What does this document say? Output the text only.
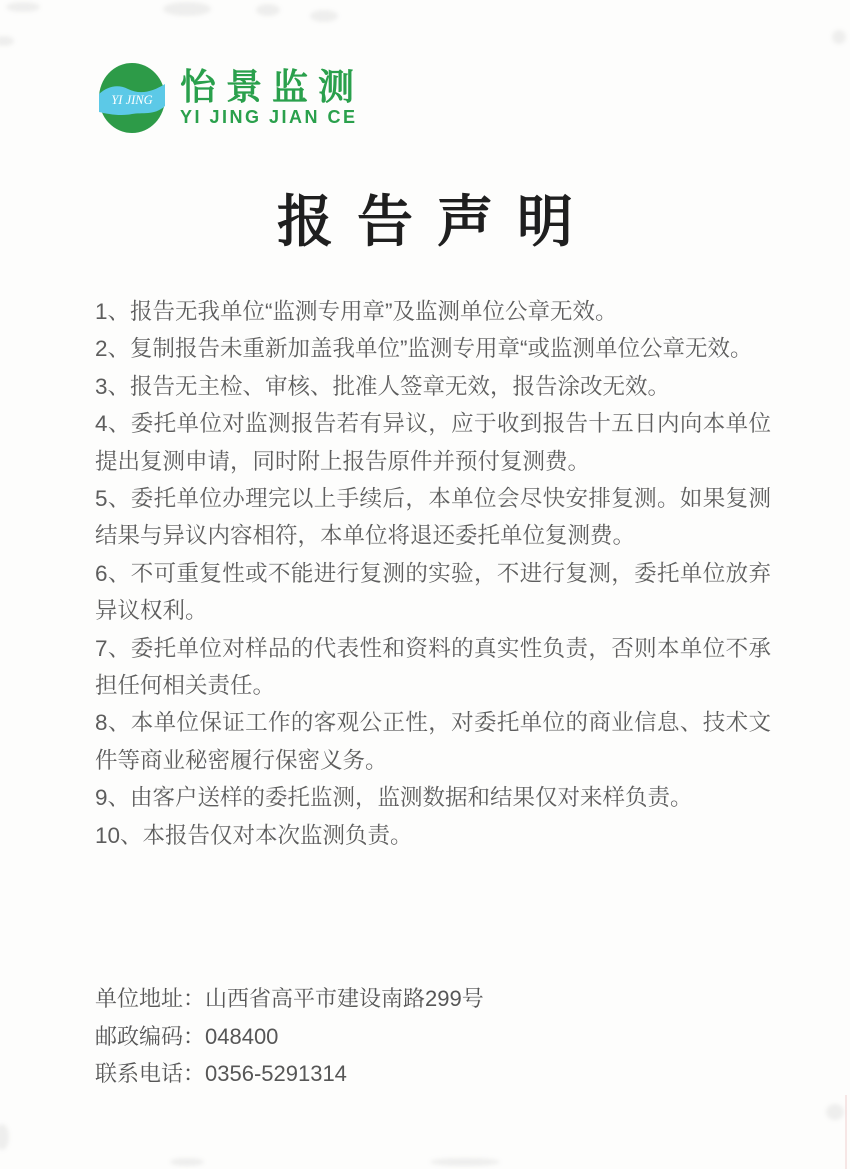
YI JING 怡景监测
YI JING JIAN CE
报告声明

1、报告无我单位“监测专用章”及监测单位公章无效。

2、复制报告未重新加盖我单位”监测专用章“或监测单位公章无效。

3、报告无主检、审核、批准人签章无效，报告涂改无效。

4、委托单位对监测报告若有异议，应于收到报告十五日内向本单位提出复测申请，同时附上报告原件并预付复测费。

5、委托单位办理完以上手续后，本单位会尽快安排复测。如果复测结果与异议内容相符，本单位将退还委托单位复测费。

6、不可重复性或不能进行复测的实验，不进行复测，委托单位放弃异议权利。

7、委托单位对样品的代表性和资料的真实性负责，否则本单位不承担任何相关责任。

8、本单位保证工作的客观公正性，对委托单位的商业信息、技术文件等商业秘密履行保密义务。

9、由客户送样的委托监测，监测数据和结果仅对来样负责。

10、本报告仅对本次监测负责。

单位地址：山西省高平市建设南路299号

邮政编码：048400

联系电话：0356-5291314
